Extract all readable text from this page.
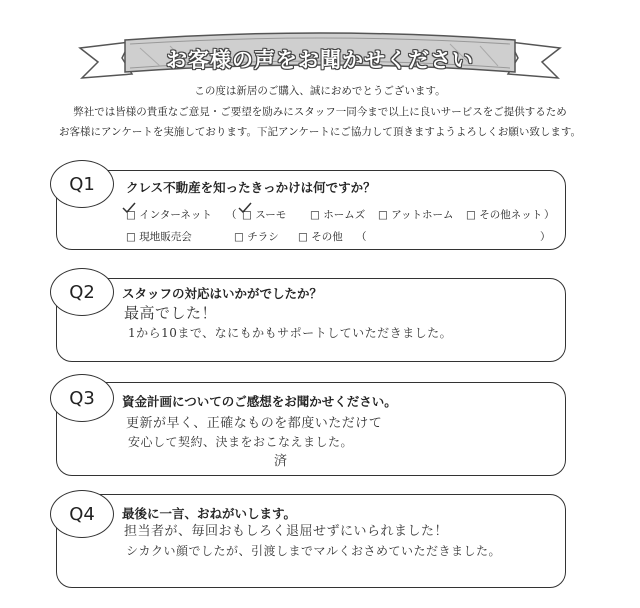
お客様の声をお聞かせください
この度は新居のご購入、誠におめでとうございます。
弊社では皆様の貴重なご意見・ご要望を励みにスタッフ一同今まで以上に良いサービスをご提供するため
お客様にアンケートを実施しております。下記アンケートにご協力して頂きますようよろしくお願い致します。
Q1	クレス不動産を知ったきっかけは何ですか？
□ インターネット （ □ スーモ □ ホームズ □ アットホーム □ その他ネット ）
□ 現地販売会	□ チラシ □ その他 （	）
Q2	スタッフの対応はいかがでしたか？
最高でした！
1から10まで、なにもかもサポートしていただきました。
Q3	資金計画についてのご感想をお聞かせください。
更新が早く、正確なものを都度いただけて
安心して契約、決まをおこなえました。
済
Q4	最後に一言、おねがいします。
担当者が、毎回おもしろく退屈せずにいられました！
シカクい顔でしたが、引渡しまでマルくおさめていただきました。
